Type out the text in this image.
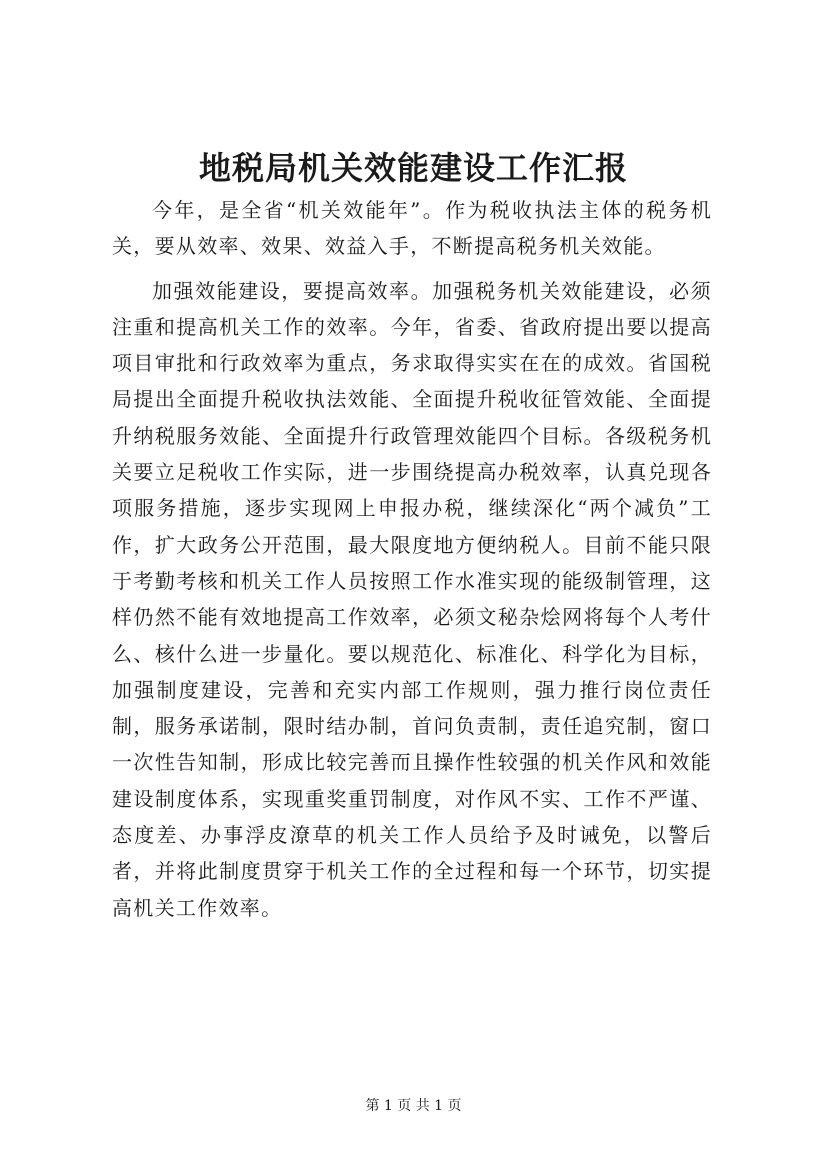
地税局机关效能建设工作汇报

今年，是全省“机关效能年”。作为税收执法主体的税务机关，要从效率、效果、效益入手，不断提高税务机关效能。

加强效能建设，要提高效率。加强税务机关效能建设，必须注重和提高机关工作的效率。今年，省委、省政府提出要以提高项目审批和行政效率为重点，务求取得实实在在的成效。省国税局提出全面提升税收执法效能、全面提升税收征管效能、全面提升纳税服务效能、全面提升行政管理效能四个目标。各级税务机关要立足税收工作实际，进一步围绕提高办税效率，认真兑现各项服务措施，逐步实现网上申报办税，继续深化“两个减负”工作，扩大政务公开范围，最大限度地方便纳税人。目前不能只限于考勤考核和机关工作人员按照工作水准实现的能级制管理，这样仍然不能有效地提高工作效率，必须文秘杂烩网将每个人考什么、核什么进一步量化。要以规范化、标准化、科学化为目标，加强制度建设，完善和充实内部工作规则，强力推行岗位责任制，服务承诺制，限时结办制，首问负责制，责任追究制，窗口一次性告知制，形成比较完善而且操作性较强的机关作风和效能建设制度体系，实现重奖重罚制度，对作风不实、工作不严谨、态度差、办事浮皮潦草的机关工作人员给予及时诫免，以警后者，并将此制度贯穿于机关工作的全过程和每一个环节，切实提高机关工作效率。

第 1 页 共 1 页
